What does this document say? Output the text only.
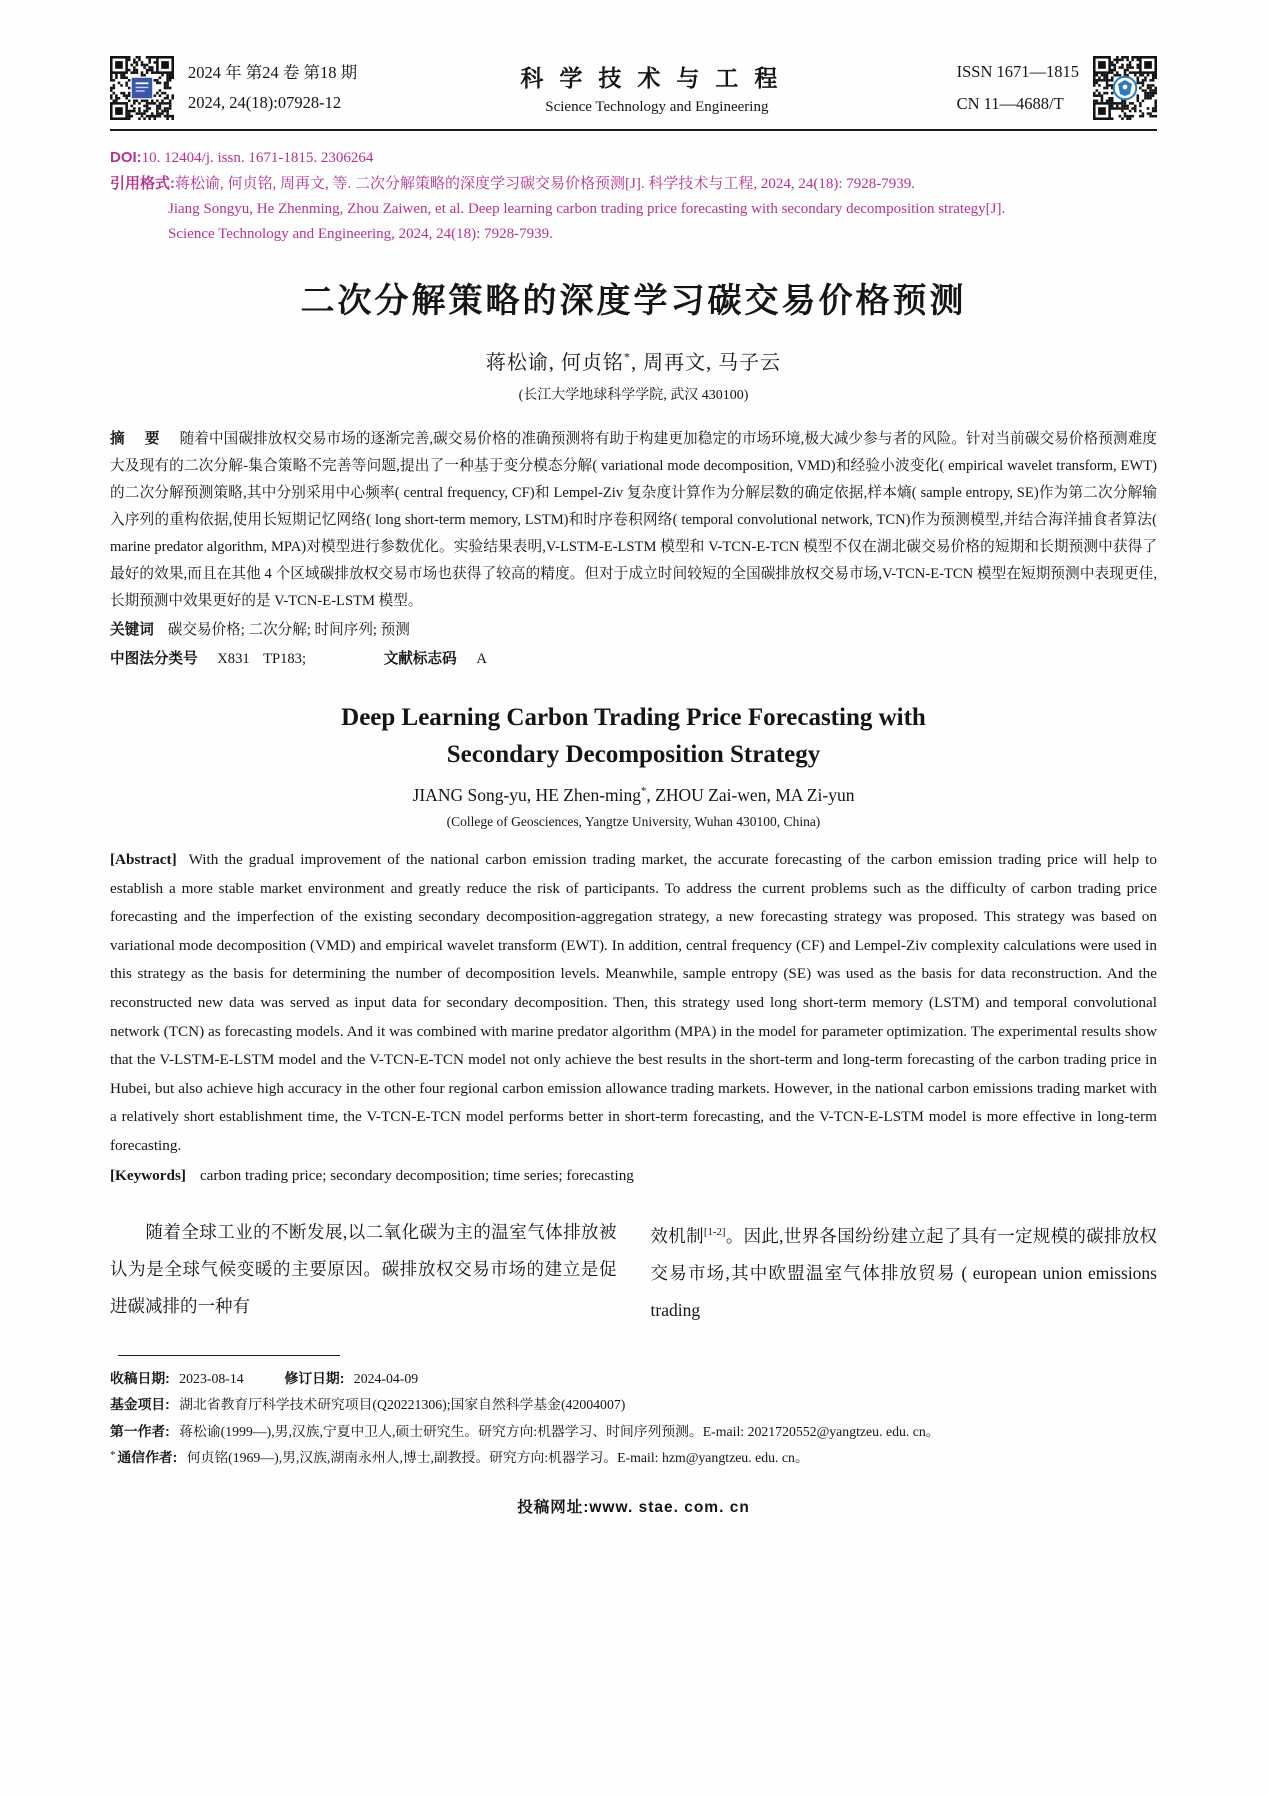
2024 年 第24 卷 第18 期
2024, 24(18):07928-12
科学技术与工程
Science Technology and Engineering
ISSN 1671—1815
CN 11—4688/T
DOI:10. 12404/j. issn. 1671-1815. 2306264
引用格式:蒋松谕, 何贞铭, 周再文, 等. 二次分解策略的深度学习碳交易价格预测[J]. 科学技术与工程, 2024, 24(18): 7928-7939.
Jiang Songyu, He Zhenming, Zhou Zaiwen, et al. Deep learning carbon trading price forecasting with secondary decomposition strategy[J].
Science Technology and Engineering, 2024, 24(18): 7928-7939.
二次分解策略的深度学习碳交易价格预测
蒋松谕, 何贞铭*, 周再文, 马子云
(长江大学地球科学学院, 武汉 430100)
摘 要 随着中国碳排放权交易市场的逐渐完善,碳交易价格的准确预测将有助于构建更加稳定的市场环境,极大减少参与者的风险。针对当前碳交易价格预测难度大及现有的二次分解-集合策略不完善等问题,提出了一种基于变分模态分解( variational mode decomposition, VMD)和经验小波变化( empirical wavelet transform, EWT)的二次分解预测策略,其中分别采用中心频率( central frequency, CF)和 Lempel-Ziv 复杂度计算作为分解层数的确定依据,样本熵( sample entropy, SE)作为第二次分解输入序列的重构依据,使用长短期记忆网络( long short-term memory, LSTM)和时序卷积网络( temporal convolutional network, TCN)作为预测模型,并结合海洋捕食者算法( marine predator algorithm, MPA)对模型进行参数优化。实验结果表明,V-LSTM-E-LSTM 模型和 V-TCN-E-TCN 模型不仅在湖北碳交易价格的短期和长期预测中获得了最好的效果,而且在其他 4 个区域碳排放权交易市场也获得了较高的精度。但对于成立时间较短的全国碳排放权交易市场,V-TCN-E-TCN 模型在短期预测中表现更佳,长期预测中效果更好的是 V-TCN-E-LSTM 模型。
关键词 碳交易价格; 二次分解; 时间序列; 预测
中图法分类号 X831 TP183;	文献标志码 A
Deep Learning Carbon Trading Price Forecasting with
Secondary Decomposition Strategy
JIANG Song-yu, HE Zhen-ming*, ZHOU Zai-wen, MA Zi-yun
(College of Geosciences, Yangtze University, Wuhan 430100, China)
[Abstract] With the gradual improvement of the national carbon emission trading market, the accurate forecasting of the carbon emission trading price will help to establish a more stable market environment and greatly reduce the risk of participants. To address the current problems such as the difficulty of carbon trading price forecasting and the imperfection of the existing secondary decomposition-aggregation strategy, a new forecasting strategy was proposed. This strategy was based on variational mode decomposition (VMD) and empirical wavelet transform (EWT). In addition, central frequency (CF) and Lempel-Ziv complexity calculations were used in this strategy as the basis for determining the number of decomposition levels. Meanwhile, sample entropy (SE) was used as the basis for data reconstruction. And the reconstructed new data was served as input data for secondary decomposition. Then, this strategy used long short-term memory (LSTM) and temporal convolutional network (TCN) as forecasting models. And it was combined with marine predator algorithm (MPA) in the model for parameter optimization. The experimental results show that the V-LSTM-E-LSTM model and the V-TCN-E-TCN model not only achieve the best results in the short-term and long-term forecasting of the carbon trading price in Hubei, but also achieve high accuracy in the other four regional carbon emission allowance trading markets. However, in the national carbon emissions trading market with a relatively short establishment time, the V-TCN-E-TCN model performs better in short-term forecasting, and the V-TCN-E-LSTM model is more effective in long-term forecasting.
[Keywords] carbon trading price; secondary decomposition; time series; forecasting
随着全球工业的不断发展,以二氧化碳为主的温室气体排放被认为是全球气候变暖的主要原因。碳排放权交易市场的建立是促进碳减排的一种有
效机制[1-2]。因此,世界各国纷纷建立起了具有一定规模的碳排放权交易市场,其中欧盟温室气体排放贸易 ( european union emissions trading
收稿日期: 2023-08-14	修订日期: 2024-04-09
基金项目: 湖北省教育厅科学技术研究项目(Q20221306);国家自然科学基金(42004007)
第一作者: 蒋松谕(1999—),男,汉族,宁夏中卫人,硕士研究生。研究方向:机器学习、时间序列预测。E-mail: 2021720552@yangtzeu. edu. cn。
* 通信作者: 何贞铭(1969—),男,汉族,湖南永州人,博士,副教授。研究方向:机器学习。E-mail: hzm@yangtzeu. edu. cn。
投稿网址:www. stae. com. cn
